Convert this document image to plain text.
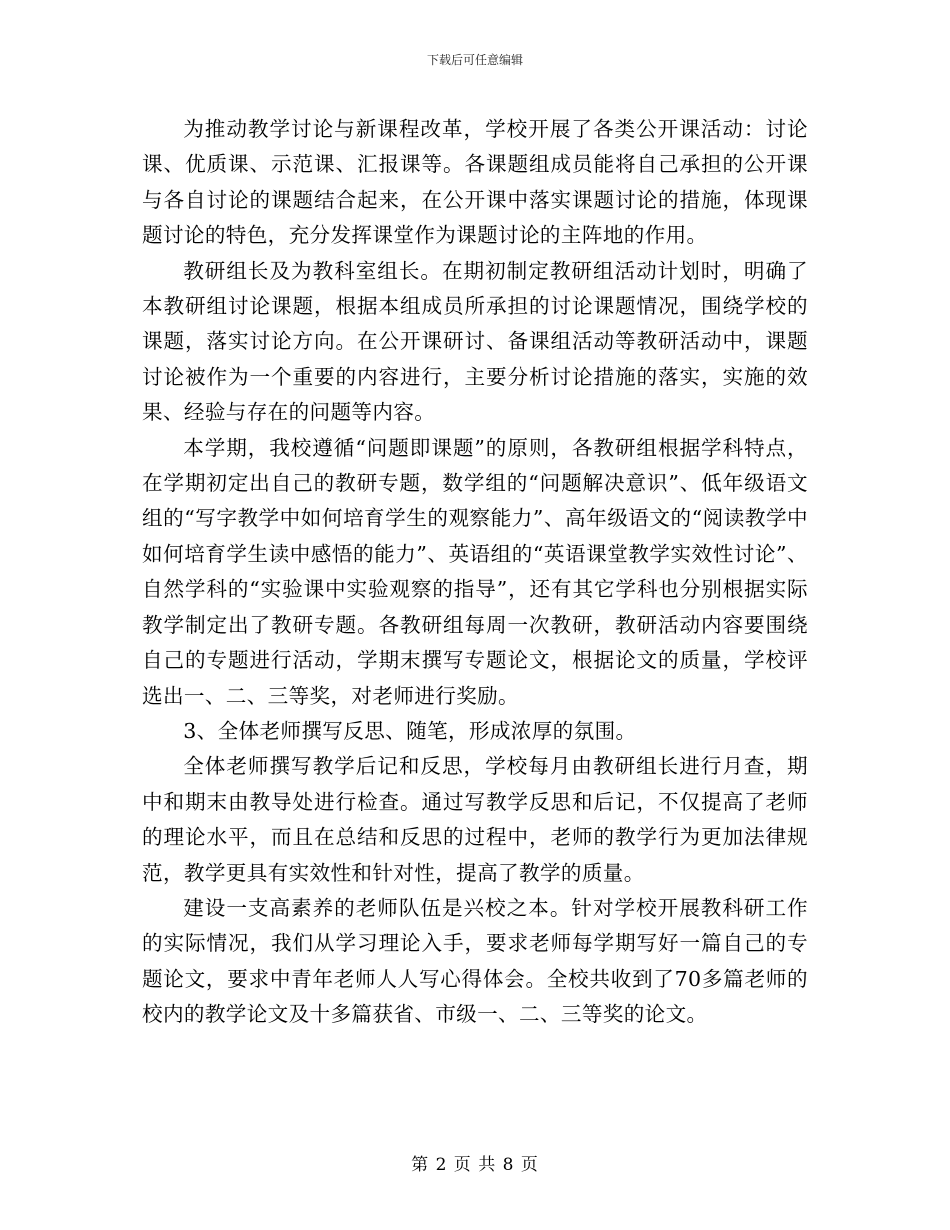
下载后可任意编辑

为推动教学讨论与新课程改革，学校开展了各类公开课活动：讨论课、优质课、示范课、汇报课等。各课题组成员能将自己承担的公开课与各自讨论的课题结合起来，在公开课中落实课题讨论的措施，体现课题讨论的特色，充分发挥课堂作为课题讨论的主阵地的作用。

教研组长及为教科室组长。在期初制定教研组活动计划时，明确了本教研组讨论课题，根据本组成员所承担的讨论课题情况，围绕学校的课题，落实讨论方向。在公开课研讨、备课组活动等教研活动中，课题讨论被作为一个重要的内容进行，主要分析讨论措施的落实，实施的效果、经验与存在的问题等内容。

本学期，我校遵循“问题即课题”的原则，各教研组根据学科特点，在学期初定出自己的教研专题，数学组的“问题解决意识”、低年级语文组的“写字教学中如何培育学生的观察能力”、高年级语文的“阅读教学中如何培育学生读中感悟的能力”、英语组的“英语课堂教学实效性讨论”、自然学科的“实验课中实验观察的指导”，还有其它学科也分别根据实际教学制定出了教研专题。各教研组每周一次教研，教研活动内容要围绕自己的专题进行活动，学期末撰写专题论文，根据论文的质量，学校评选出一、二、三等奖，对老师进行奖励。

3、全体老师撰写反思、随笔，形成浓厚的氛围。

全体老师撰写教学后记和反思，学校每月由教研组长进行月查，期中和期末由教导处进行检查。通过写教学反思和后记，不仅提高了老师的理论水平，而且在总结和反思的过程中，老师的教学行为更加法律规范，教学更具有实效性和针对性，提高了教学的质量。

建设一支高素养的老师队伍是兴校之本。针对学校开展教科研工作的实际情况，我们从学习理论入手，要求老师每学期写好一篇自己的专题论文，要求中青年老师人人写心得体会。全校共收到了70多篇老师的校内的教学论文及十多篇获省、市级一、二、三等奖的论文。

第 2 页 共 8 页
